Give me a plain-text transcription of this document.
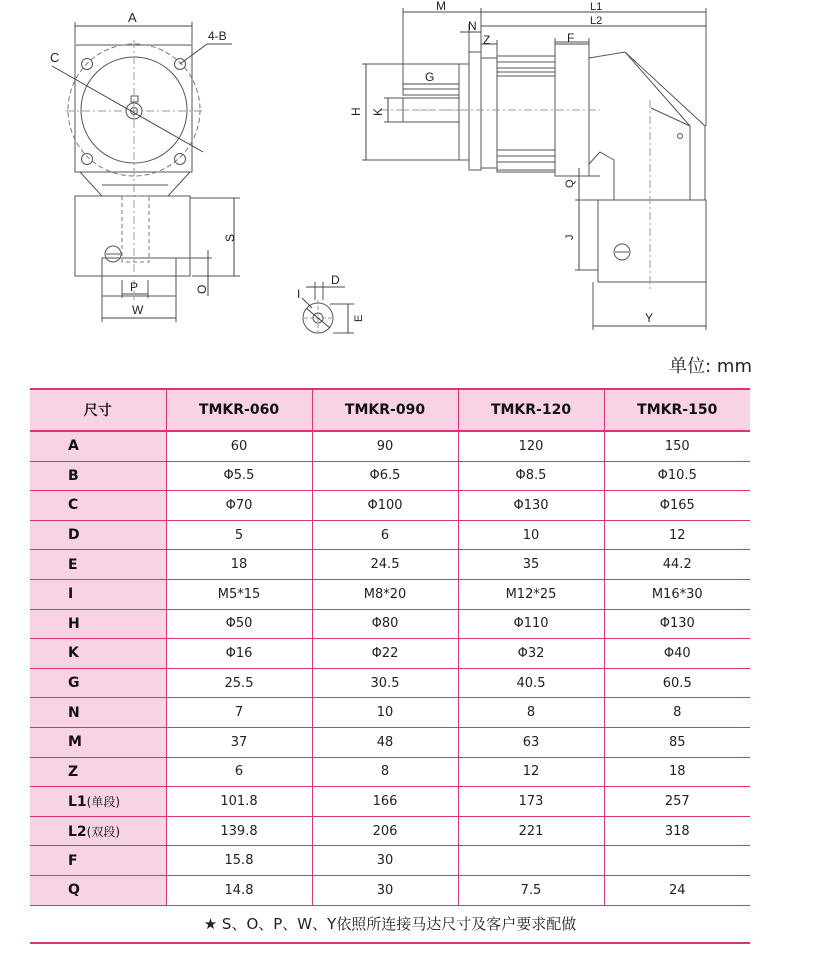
A
4-B
C
S
O
P
W
D
I
E
M	L1
L2
N
Z	F
G
H K
Q
J
Y
单位: mm
尺寸	TMKR-060	TMKR-090	TMKR-120	TMKR-150
A	60	90	120	150
B	Φ5.5	Φ6.5	Φ8.5	Φ10.5
C	Φ70	Φ100	Φ130	Φ165
D	5	6	10	12
E	18	24.5	35	44.2
I	M5*15	M8*20	M12*25	M16*30
H	Φ50	Φ80	Φ110	Φ130
K	Φ16	Φ22	Φ32	Φ40
G	25.5	30.5	40.5	60.5
N	7	10	8	8
M	37	48	63	85
Z	6	8	12	18
L1(单段)	101.8	166	173	257
L2(双段)	139.8	206	221	318
F	15.8	30		
Q	14.8	30	7.5	24
★ S、O、P、W、Y依照所连接马达尺寸及客户要求配做				
